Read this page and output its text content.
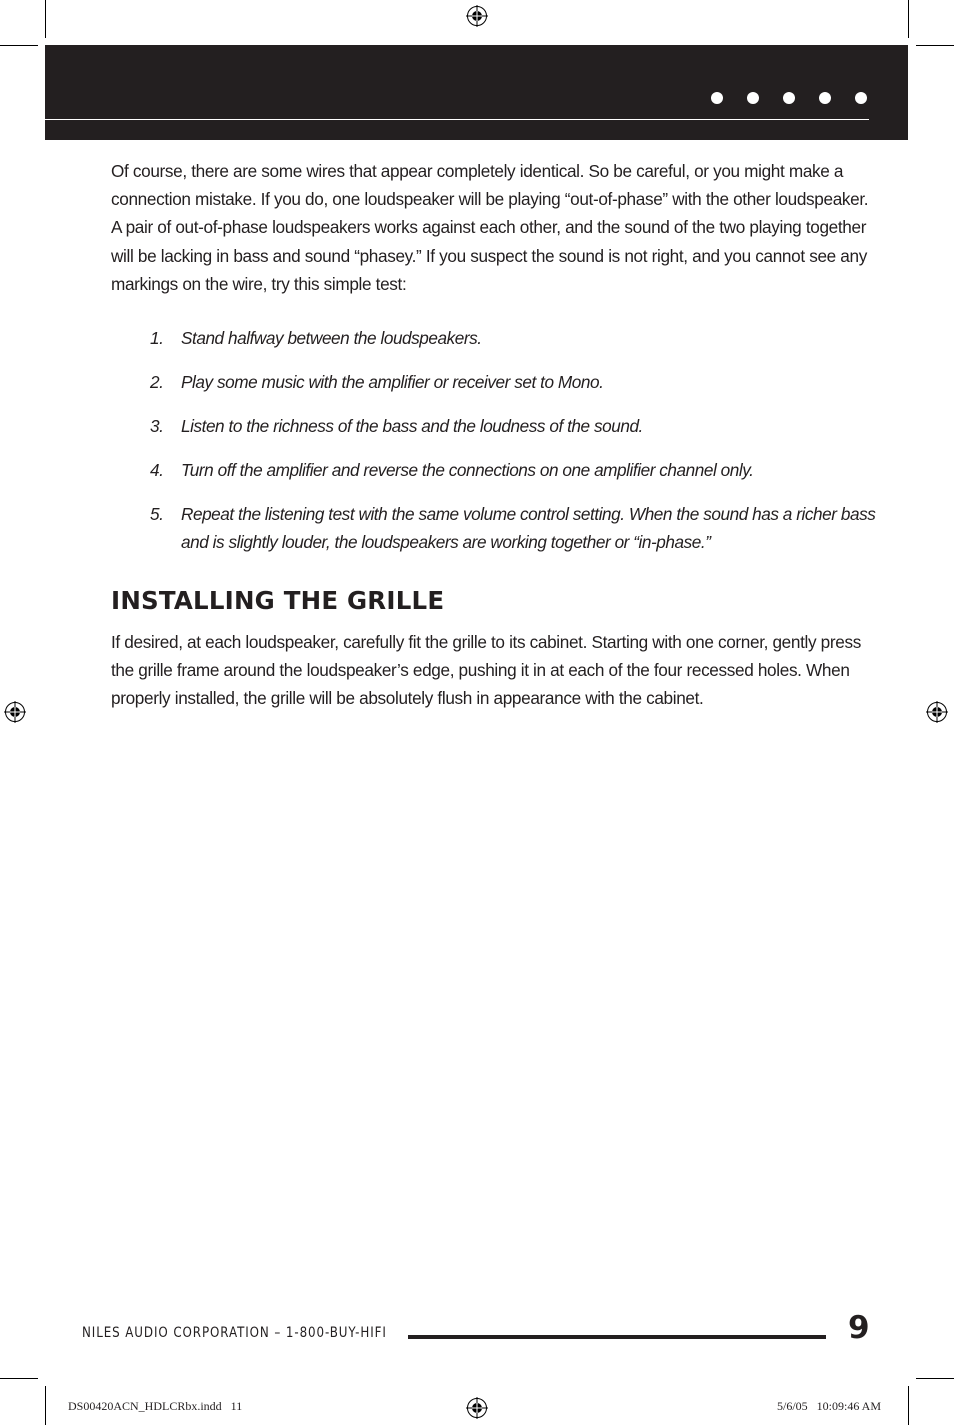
Of course, there are some wires that appear completely identical. So be careful, or you might make a connection mistake. If you do, one loudspeaker will be playing “out-of-phase” with the other loudspeaker. A pair of out-of-phase loudspeakers works against each other, and the sound of the two playing together will be lacking in bass and sound “phasey.” If you suspect the sound is not right, and you cannot see any markings on the wire, try this simple test:

1. Stand halfway between the loudspeakers.
2. Play some music with the amplifier or receiver set to Mono.
3. Listen to the richness of the bass and the loudness of the sound.
4. Turn off the amplifier and reverse the connections on one amplifier channel only.
5. Repeat the listening test with the same volume control setting. When the sound has a richer bass and is slightly louder, the loudspeakers are working together or “in-phase.”
INSTALLING THE GRILLE

If desired, at each loudspeaker, carefully fit the grille to its cabinet. Starting with one corner, gently press the grille frame around the loudspeaker’s edge, pushing it in at each of the four recessed holes. When properly installed, the grille will be absolutely flush in appearance with the cabinet.

NILES AUDIO CORPORATION – 1-800-BUY-HIFI	9
DS00420ACN_HDLCRbx.indd   11	5/6/05   10:09:46 AM
